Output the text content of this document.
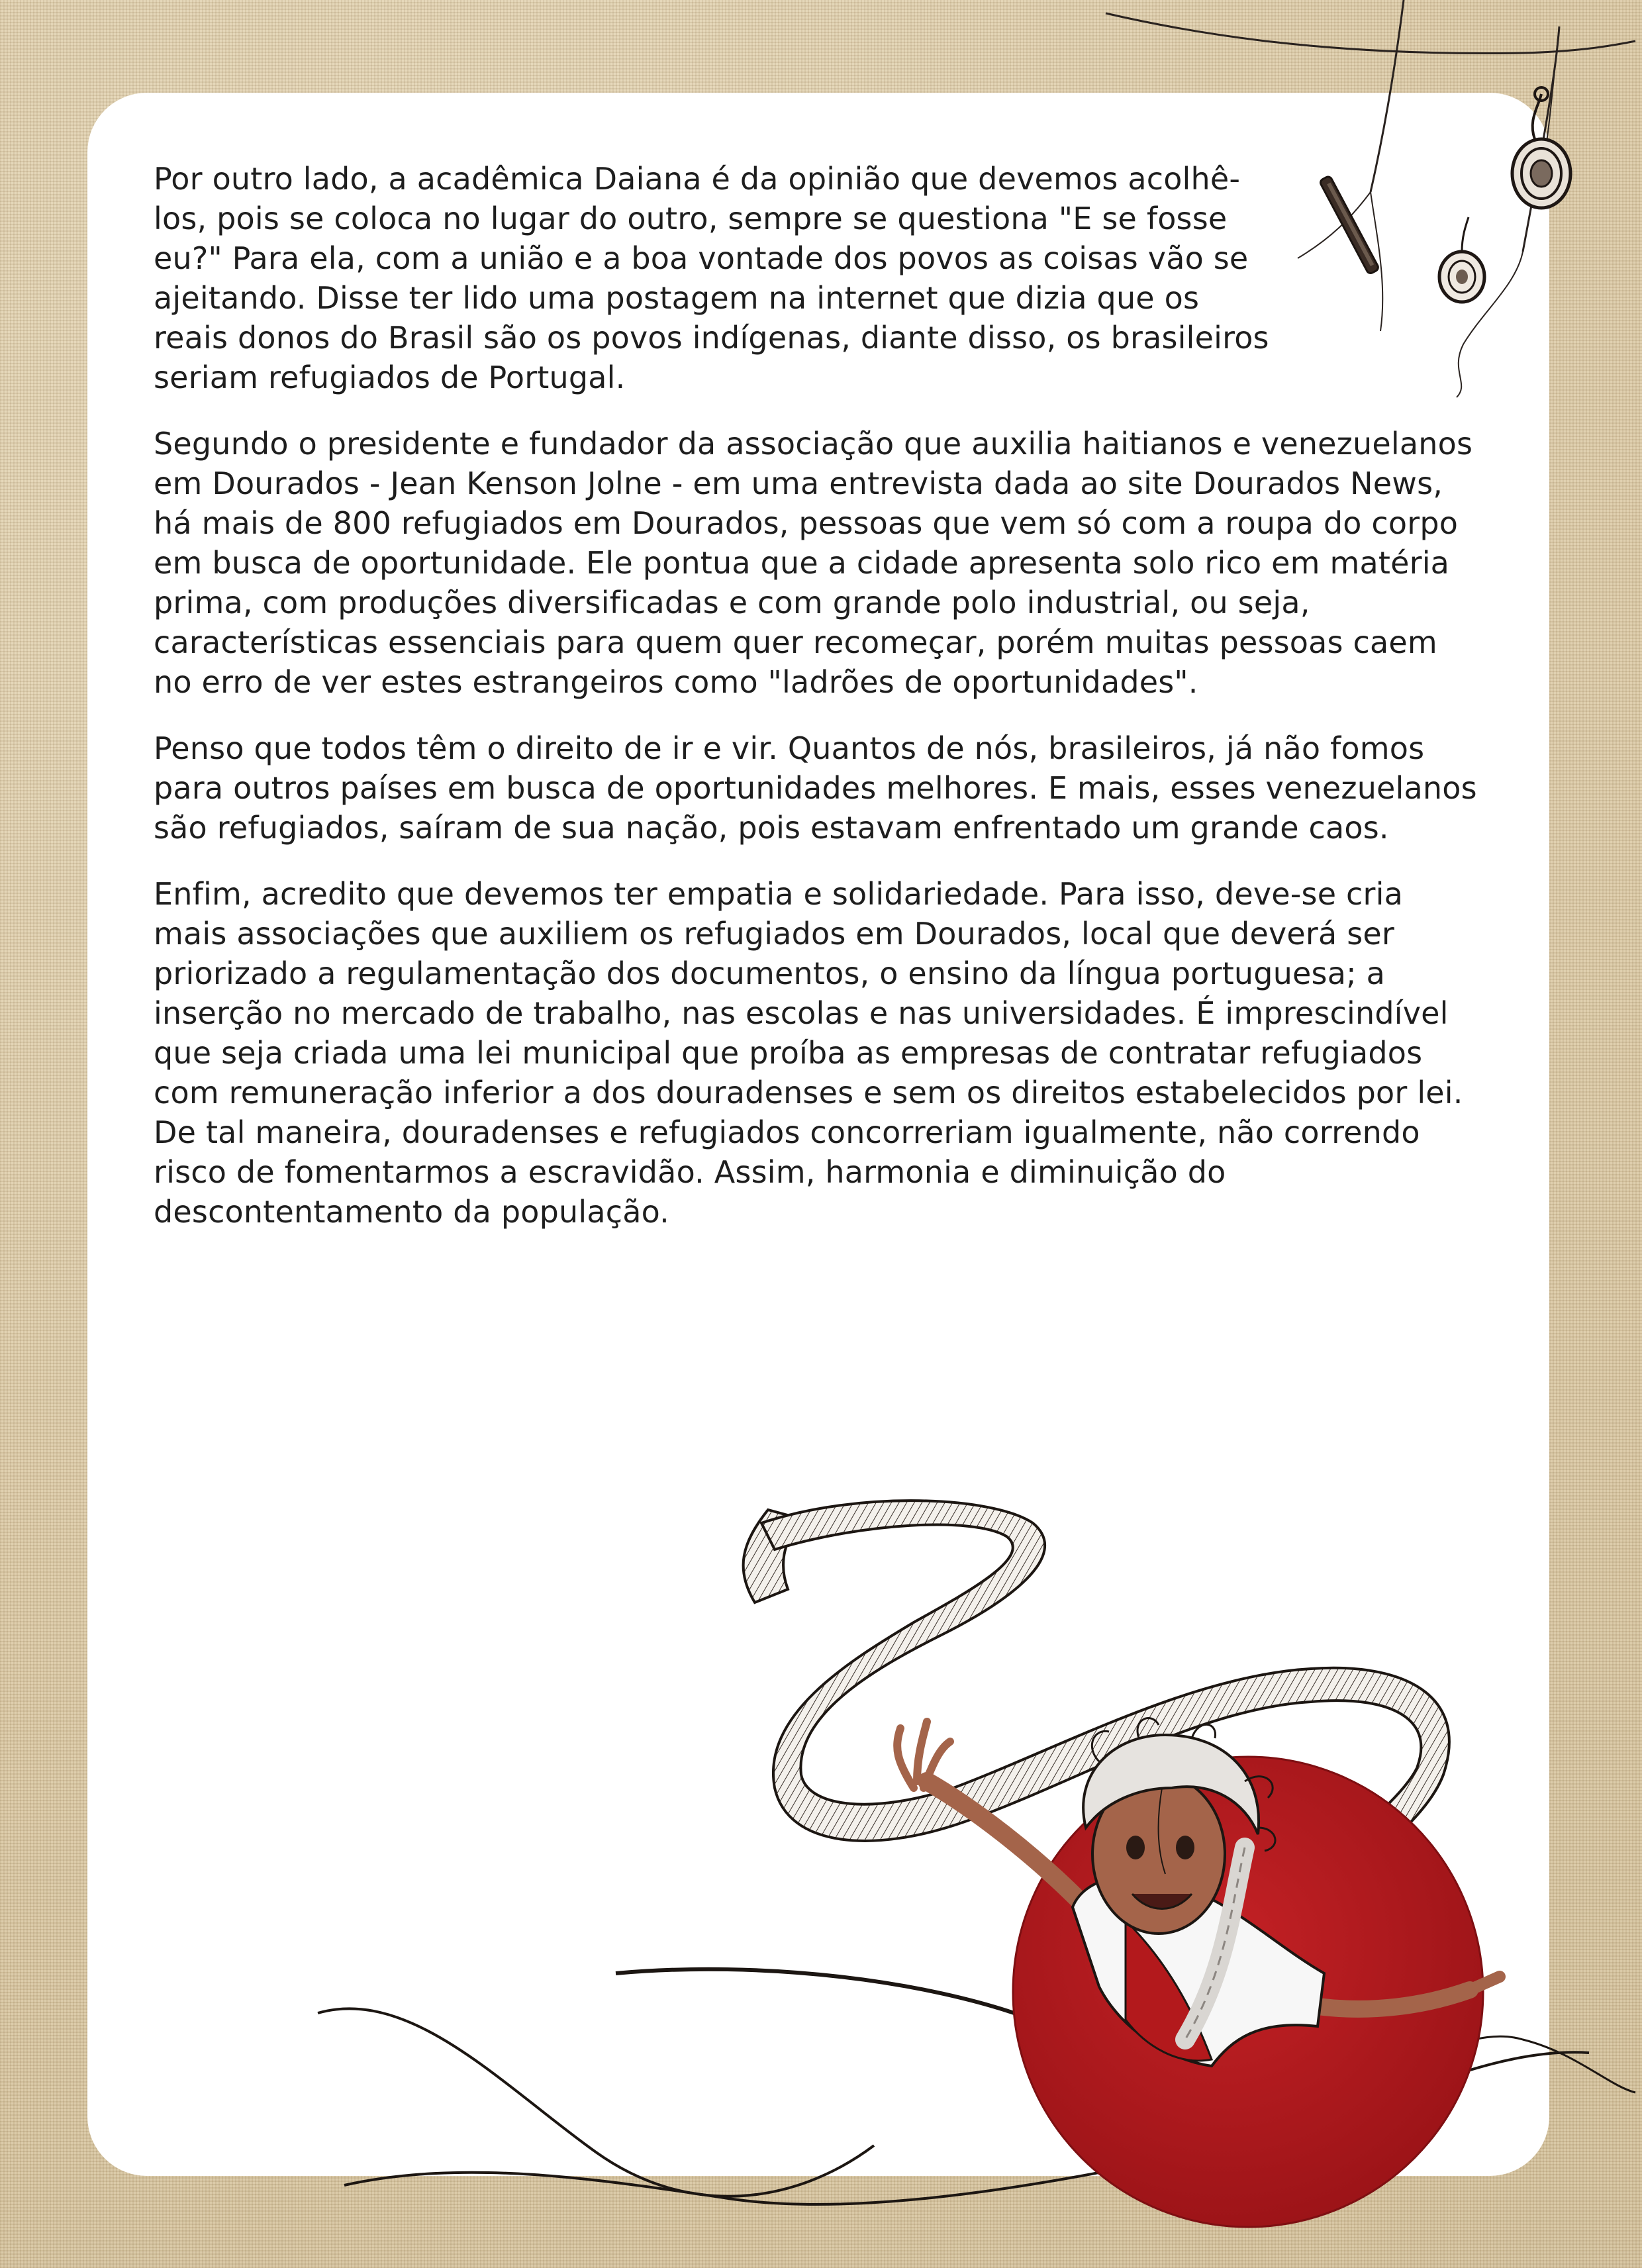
Por outro lado, a acadêmica Daiana é da opinião que devemos acolhê-los, pois se coloca no lugar do outro, sempre se questiona "E se fosse eu?" Para ela, com a união e a boa vontade dos povos as coisas vão se ajeitando. Disse ter lido uma postagem na internet que dizia que os reais donos do Brasil são os povos indígenas, diante disso, os brasileiros seriam refugiados de Portugal.

Segundo o presidente e fundador da associação que auxilia haitianos e venezuelanos em Dourados - Jean Kenson Jolne - em uma entrevista dada ao site Dourados News, há mais de 800 refugiados em Dourados, pessoas que vem só com a roupa do corpo em busca de oportunidade. Ele pontua que a cidade apresenta solo rico em matéria prima, com produções diversificadas e com grande polo industrial, ou seja, características essenciais para quem quer recomeçar, porém muitas pessoas caem no erro de ver estes estrangeiros como "ladrões de oportunidades".

Penso que todos têm o direito de ir e vir. Quantos de nós, brasileiros, já não fomos para outros países em busca de oportunidades melhores. E mais, esses venezuelanos são refugiados, saíram de sua nação, pois estavam enfrentado um grande caos.

Enfim, acredito que devemos ter empatia e solidariedade. Para isso, deve-se cria mais associações que auxiliem os refugiados em Dourados, local que deverá ser priorizado a regulamentação dos documentos, o ensino da língua portuguesa; a inserção no mercado de trabalho, nas escolas e nas universidades. É imprescindível que seja criada uma lei municipal que proíba as empresas de contratar refugiados com remuneração inferior a dos douradenses e sem os direitos estabelecidos por lei. De tal maneira, douradenses e refugiados concorreriam igualmente, não correndo risco de fomentarmos a escravidão. Assim, harmonia e diminuição do descontentamento da população.
